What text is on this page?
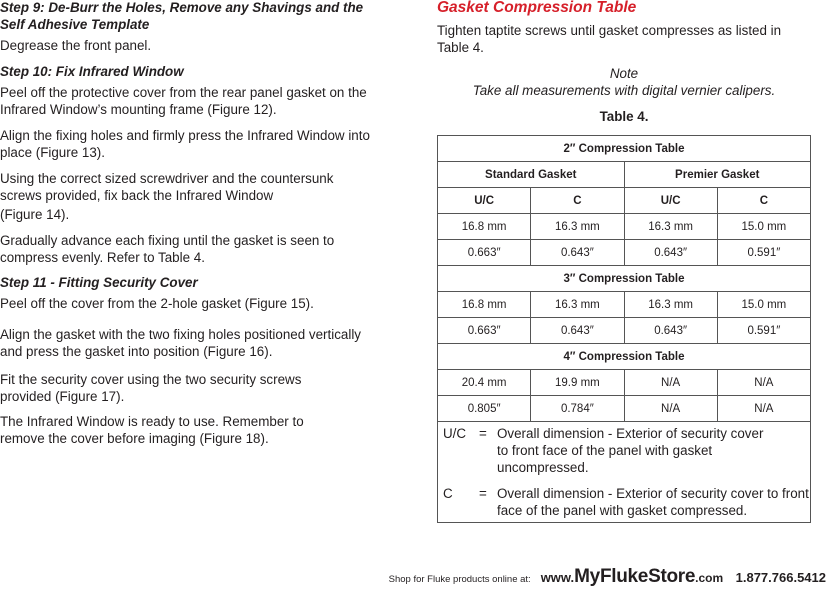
Step 9: De-Burr the Holes, Remove any Shavings and the Self Adhesive Template

Degrease the front panel.

Step 10: Fix Infrared Window

Peel off the protective cover from the rear panel gasket on the Infrared Window’s mounting frame (Figure 12).

Align the fixing holes and firmly press the Infrared Window into place (Figure 13).

Using the correct sized screwdriver and the countersunk screws provided, fix back the Infrared Window

(Figure 14).

Gradually advance each fixing until the gasket is seen to compress evenly. Refer to Table 4.

Step 11 - Fitting Security Cover

Peel off the cover from the 2-hole gasket (Figure 15).

Align the gasket with the two fixing holes positioned vertically and press the gasket into position (Figure 16).

Fit the security cover using the two security screws provided (Figure 17).

The Infrared Window is ready to use. Remember to remove the cover before imaging (Figure 18).

Gasket Compression Table

Tighten taptite screws until gasket compresses as listed in Table 4.

Note
Take all measurements with digital vernier calipers.
Table 4.
2″ Compression Table			
Standard Gasket		Premier Gasket	
U/C	C	U/C	C
16.8 mm	16.3 mm	16.3 mm	15.0 mm
0.663″	0.643″	0.643″	0.591″
3″ Compression Table			
16.8 mm	16.3 mm	16.3 mm	15.0 mm
0.663″	0.643″	0.643″	0.591″
4″ Compression Table			
20.4 mm	19.9 mm	N/A	N/A
0.805″	0.784″	N/A	N/A
U/C = Overall dimension - Exterior of security cover to front face of the panel with gasket uncompressed.
C	= Overall dimension - Exterior of security cover to front face of the panel with gasket compressed.
Shop for Fluke products online at: www.MyFlukeStore.com 1.877.766.5412
